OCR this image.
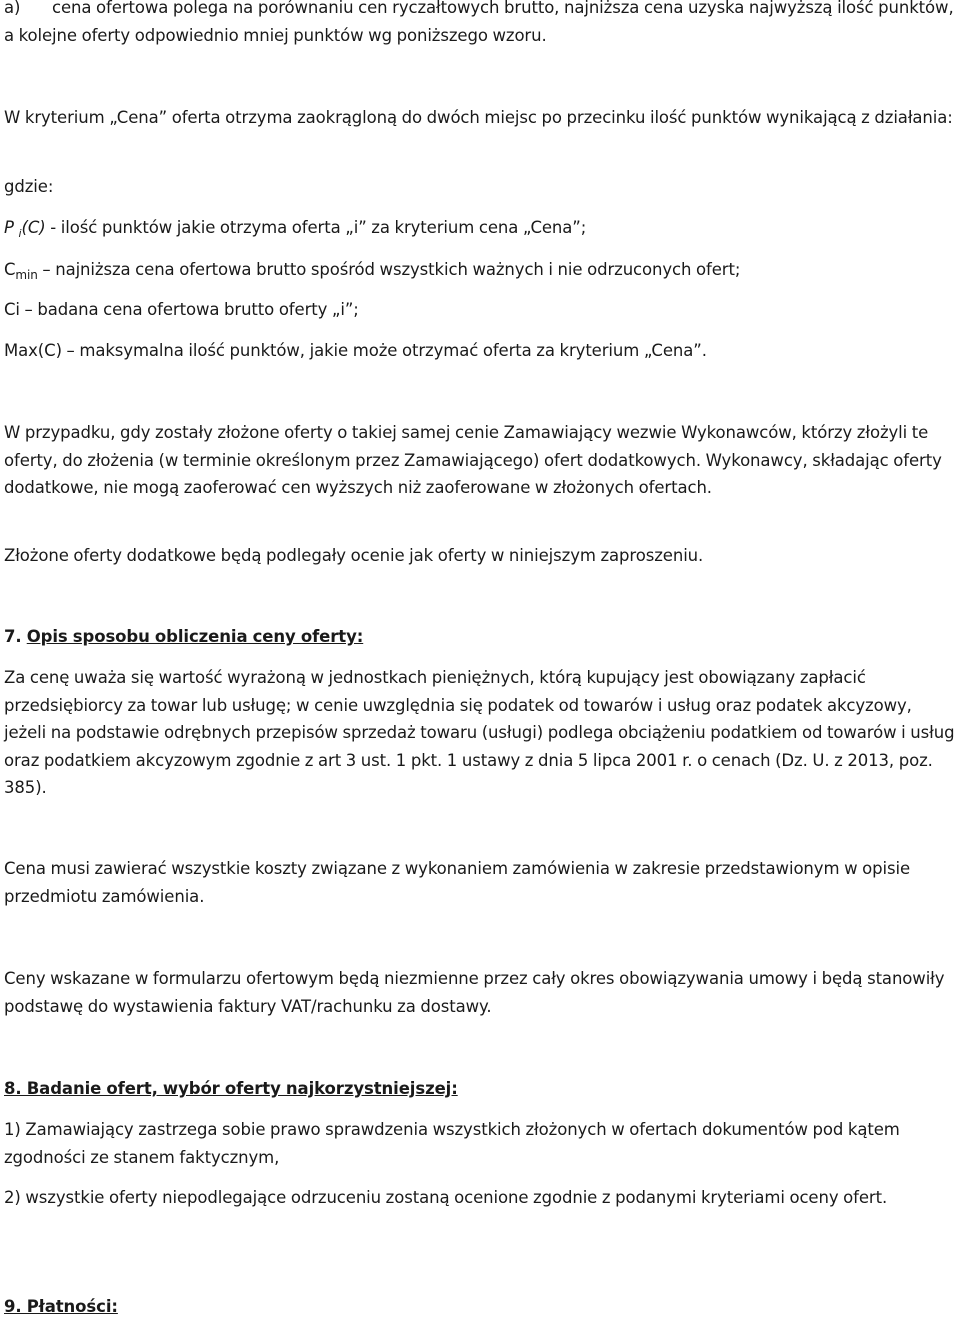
a) cena ofertowa polega na porównaniu cen ryczałtowych brutto, najniższa cena uzyska najwyższą ilość punktów, a kolejne oferty odpowiednio mniej punktów wg poniższego wzoru.

W kryterium „Cena” oferta otrzyma zaokrągloną do dwóch miejsc po przecinku ilość punktów wynikającą z działania:

gdzie:

P $_i$(C) - ilość punktów jakie otrzyma oferta „i” za kryterium cena „Cena”;

$C_{min}$ – najniższa cena ofertowa brutto spośród wszystkich ważnych i nie odrzuconych ofert;

Ci – badana cena ofertowa brutto oferty „i”;

Max(C) – maksymalna ilość punktów, jakie może otrzymać oferta za kryterium „Cena”.

W przypadku, gdy zostały złożone oferty o takiej samej cenie Zamawiający wezwie Wykonawców, którzy złożyli te oferty, do złożenia (w terminie określonym przez Zamawiającego) ofert dodatkowych. Wykonawcy, składając oferty dodatkowe, nie mogą zaoferować cen wyższych niż zaoferowane w złożonych ofertach.

Złożone oferty dodatkowe będą podlegały ocenie jak oferty w niniejszym zaproszeniu.

7. Opis sposobu obliczenia ceny oferty:

Za cenę uważa się wartość wyrażoną w jednostkach pieniężnych, którą kupujący jest obowiązany zapłacić przedsiębiorcy za towar lub usługę; w cenie uwzględnia się podatek od towarów i usług oraz podatek akcyzowy, jeżeli na podstawie odrębnych przepisów sprzedaż towaru (usługi) podlega obciążeniu podatkiem od towarów i usług oraz podatkiem akcyzowym zgodnie z art 3 ust. 1 pkt. 1 ustawy z dnia 5 lipca 2001 r. o cenach (Dz. U. z 2013, poz. 385).

Cena musi zawierać wszystkie koszty związane z wykonaniem zamówienia w zakresie przedstawionym w opisie przedmiotu zamówienia.

Ceny wskazane w formularzu ofertowym będą niezmienne przez cały okres obowiązywania umowy i będą stanowiły podstawę do wystawienia faktury VAT/rachunku za dostawy.

8. Badanie ofert, wybór oferty najkorzystniejszej:

1) Zamawiający zastrzega sobie prawo sprawdzenia wszystkich złożonych w ofertach dokumentów pod kątem zgodności ze stanem faktycznym,

2) wszystkie oferty niepodlegające odrzuceniu zostaną ocenione zgodnie z podanymi kryteriami oceny ofert.

9. Płatności:
